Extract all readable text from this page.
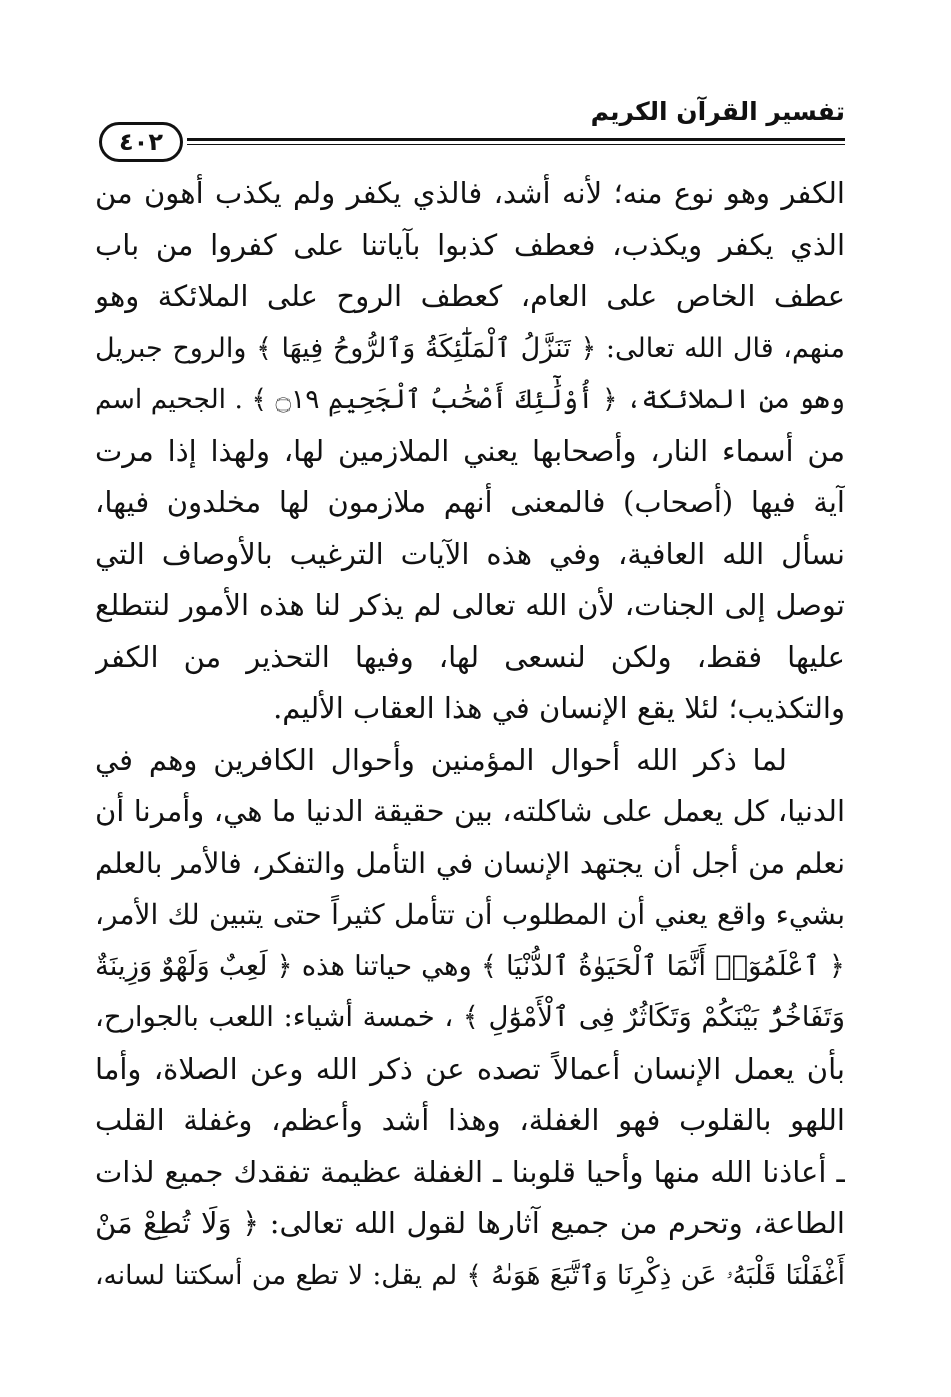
تفسير القرآن الكريم
٤٠٢
الكفر وهو نوع منه؛ لأنه أشد، فالذي يكفر ولم يكذب أهون من
الذي يكفر ويكذب، فعطف كذبوا بآياتنا على كفروا من باب
عطف الخاص على العام، كعطف الروح على الملائكة وهو
منهم، قال الله تعالى: ﴿ تَنَزَّلُ ٱلْمَلَٰٓئِكَةُ وَٱلرُّوحُ فِيهَا ﴾ والروح جبريل
وهو من الملائكة، ﴿ أُوْلَٰٓئِكَ أَصْحَٰبُ ٱلْجَحِيمِ ۝١٩ ﴾ . الجحيم اسم
من أسماء النار، وأصحابها يعني الملازمين لها، ولهذا إذا مرت
آية فيها (أصحاب) فالمعنى أنهم ملازمون لها مخلدون فيها،
نسأل الله العافية، وفي هذه الآيات الترغيب بالأوصاف التي
توصل إلى الجنات، لأن الله تعالى لم يذكر لنا هذه الأمور لنتطلع
عليها فقط، ولكن لنسعى لها، وفيها التحذير من الكفر
والتكذيب؛ لئلا يقع الإنسان في هذا العقاب الأليم.
لما ذكر الله أحوال المؤمنين وأحوال الكافرين وهم في
الدنيا، كل يعمل على شاكلته، بين حقيقة الدنيا ما هي، وأمرنا أن
نعلم من أجل أن يجتهد الإنسان في التأمل والتفكر، فالأمر بالعلم
بشيء واقع يعني أن المطلوب أن تتأمل كثيراً حتى يتبين لك الأمر،
﴿ ٱعْلَمُوٓا۟ أَنَّمَا ٱلْحَيَوٰةُ ٱلدُّنْيَا ﴾ وهي حياتنا هذه ﴿ لَعِبٌ وَلَهْوٌ وَزِينَةٌ
وَتَفَاخُرٌۢ بَيْنَكُمْ وَتَكَاثُرٌ فِى ٱلْأَمْوَٰلِ ﴾ ، خمسة أشياء: اللعب بالجوارح،
بأن يعمل الإنسان أعمالاً تصده عن ذكر الله وعن الصلاة، وأما
اللهو بالقلوب فهو الغفلة، وهذا أشد وأعظم، وغفلة القلب
ـ أعاذنا الله منها وأحيا قلوبنا ـ الغفلة عظيمة تفقدك جميع لذات
الطاعة، وتحرم من جميع آثارها لقول الله تعالى: ﴿ وَلَا تُطِعْ مَنْ
أَغْفَلْنَا قَلْبَهُۥ عَن ذِكْرِنَا وَٱتَّبَعَ هَوَىٰهُ ﴾ لم يقل: لا تطع من أسكتنا لسانه،
